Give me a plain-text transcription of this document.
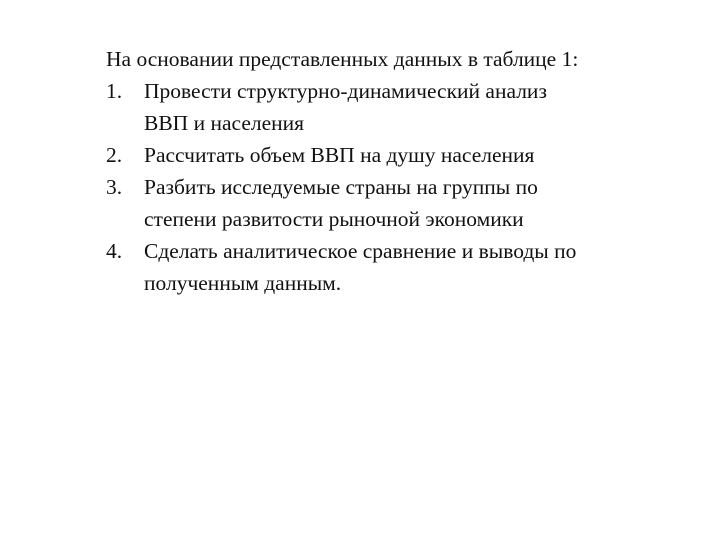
На основании представленных данных в таблице 1:

1.	Провести структурно-динамический анализ ВВП и населения
2.	Рассчитать объем ВВП на душу населения
3.	Разбить исследуемые страны на группы по степени развитости рыночной экономики
4.	Сделать аналитическое сравнение и выводы по полученным данным.
